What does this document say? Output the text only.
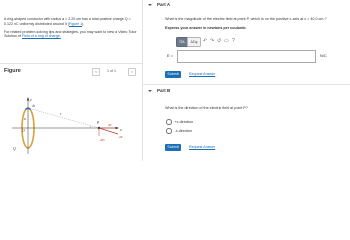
A ring-shaped conductor with radius a = 2.20 cm has a total positive charge Q = 0.122 nC uniformly distributed around it (Figure 1).

For related problem-solving tips and strategies, you may want to view a Video Tutor Solution of Field of a ring of charge.

Figure	<	1 of 1	>
y
x
a
O
Q
ds
r
P	dE
dEy
dE
Part A
What is the magnitude of the electric field at point P, which is on the positive x-axis at x = 40.0 cm ?
Express your answer in newtons per coulomb.
ΠΑ	ΑΣφ	↶ ↷ ↺ ▭ ?
E =	N/C
Submit	Request Answer
Part B
What is the direction of the electric field at point P?
+x-direction
-x-direction
Submit	Request Answer
